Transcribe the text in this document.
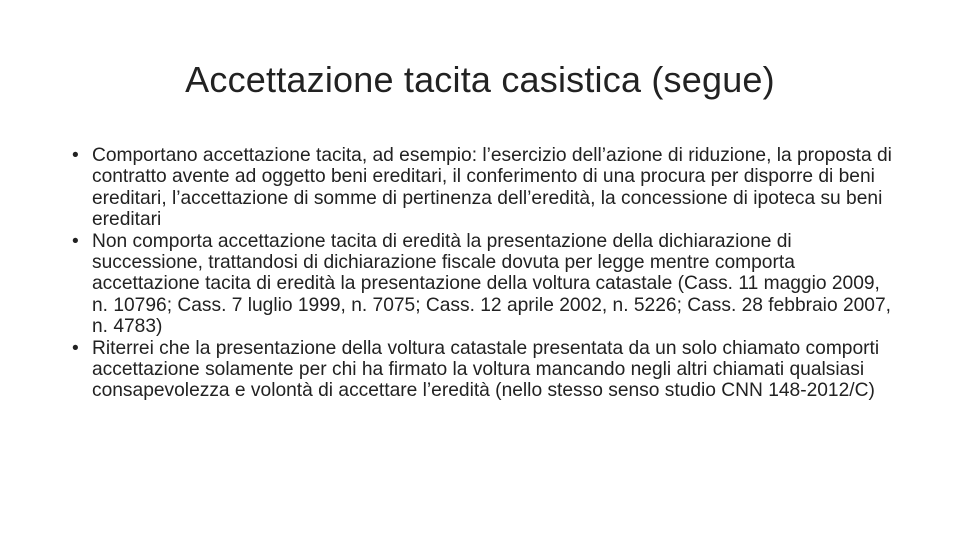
Accettazione tacita casistica (segue)
• Comportano accettazione tacita, ad esempio: l’esercizio dell’azione di riduzione, la proposta di contratto avente ad oggetto beni ereditari, il conferimento di una procura per disporre di beni ereditari, l’accettazione di somme di pertinenza dell’eredità, la concessione di ipoteca su beni ereditari
• Non comporta accettazione tacita di eredità la presentazione della dichiarazione di successione, trattandosi di dichiarazione fiscale dovuta per legge mentre comporta accettazione tacita di eredità la presentazione della voltura catastale (Cass. 11 maggio 2009, n. 10796; Cass. 7 luglio 1999, n. 7075; Cass. 12 aprile 2002, n. 5226; Cass. 28 febbraio 2007, n. 4783)
• Riterrei che la presentazione della voltura catastale presentata da un solo chiamato comporti accettazione solamente per chi ha firmato la voltura mancando negli altri chiamati qualsiasi consapevolezza e volontà di accettare l’eredità (nello stesso senso studio CNN 148-2012/C)
